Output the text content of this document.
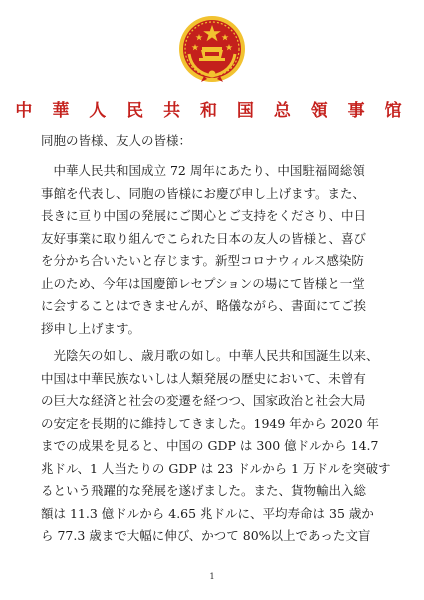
中 華 人 民 共 和 国 总 領 事 馆
同胞の皆様、友人の皆様：
　中華人民共和国成立 72 周年にあたり、中国駐福岡総領
事館を代表し、同胞の皆様にお慶び申し上げます。また、
長きに亘り中国の発展にご関心とご支持をくださり、中日
友好事業に取り組んでこられた日本の友人の皆様と、喜び
を分かち合いたいと存じます。新型コロナウィルス感染防
止のため、今年は国慶節レセプションの場にて皆様と一堂
に会することはできませんが、略儀ながら、書面にてご挨
拶申し上げます。
　光陰矢の如し、歳月歌の如し。中華人民共和国誕生以来、
中国は中華民族ないしは人類発展の歴史において、未曾有
の巨大な経済と社会の変遷を経つつ、国家政治と社会大局
の安定を長期的に維持してきました。1949 年から 2020 年
までの成果を見ると、中国の GDP は 300 億ドルから 14.7
兆ドル、1 人当たりの GDP は 23 ドルから 1 万ドルを突破す
るという飛躍的な発展を遂げました。また、貨物輸出入総
額は 11.3 億ドルから 4.65 兆ドルに、平均寿命は 35 歳か
ら 77.3 歳まで大幅に伸び、かつて 80%以上であった文盲
1
